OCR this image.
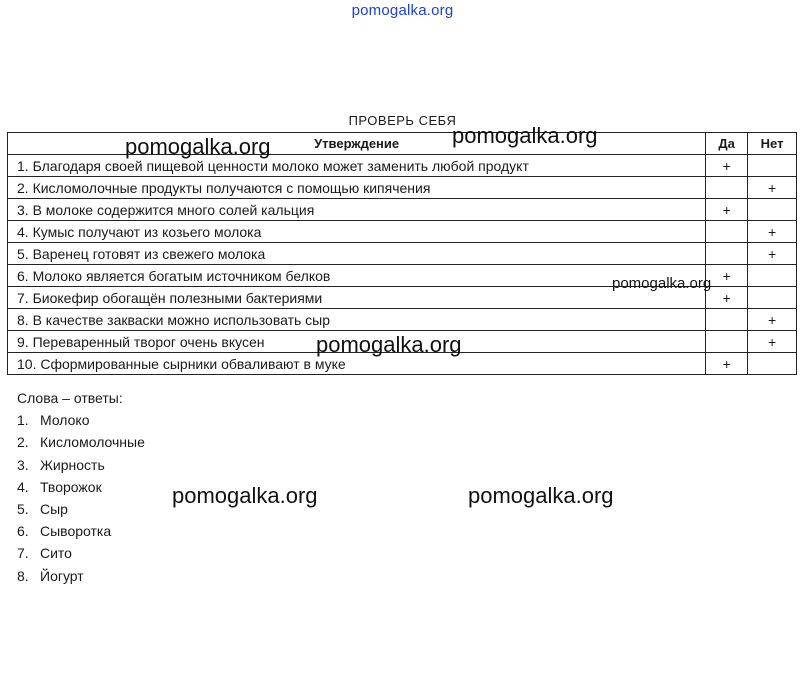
pomogalka.org
ПРОВЕРЬ СЕБЯ
Утверждение	Да	Нет
1. Благодаря своей пищевой ценности молоко может заменить любой продукт	+	
2. Кисломолочные продукты получаются с помощью кипячения		+
3. В молоке содержится много солей кальция	+	
4. Кумыс получают из козьего молока		+
5. Варенец готовят из свежего молока		+
6. Молоко является богатым источником белков	+	
7. Биокефир обогащён полезными бактериями	+	
8. В качестве закваски можно использовать сыр		+
9. Переваренный творог очень вкусен		+
10. Сформированные сырники обваливают в муке	+	
Слова – ответы:
1. Молоко
2. Кисломолочные
3. Жирность
4. Творожок
5. Сыр
6. Сыворотка
7. Сито
8. Йогурт
pomogalka.org	pomogalka.org
pomogalka.org
pomogalka.org
pomogalka.org	pomogalka.org
